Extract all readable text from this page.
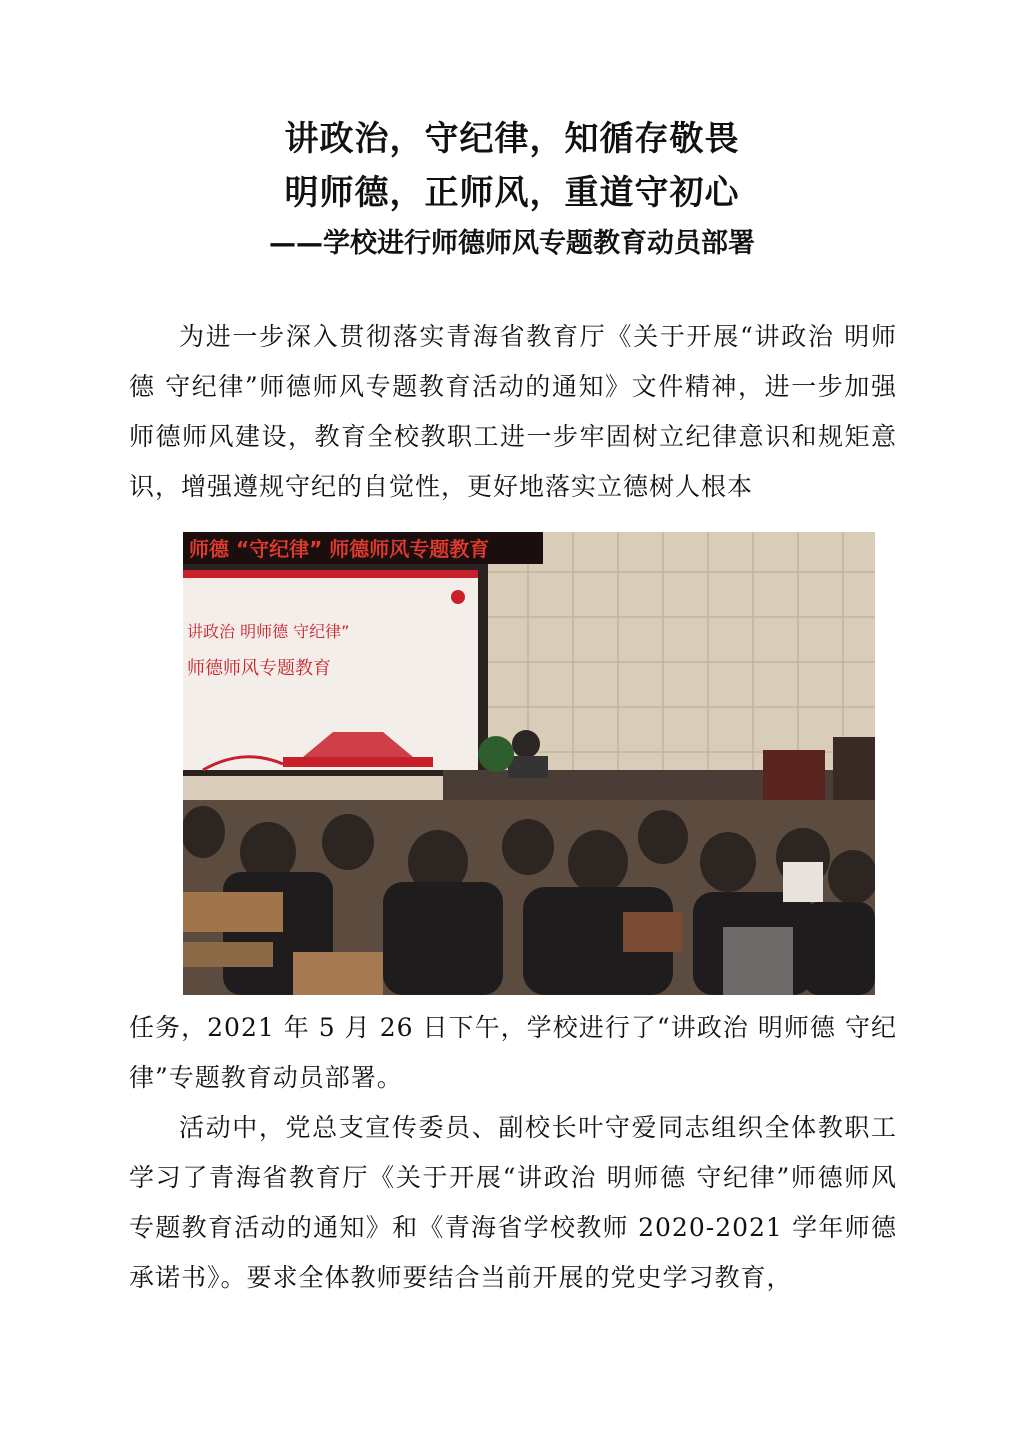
讲政治，守纪律，知循存敬畏
明师德，正师风，重道守初心
——学校进行师德师风专题教育动员部署

为进一步深入贯彻落实青海省教育厅《关于开展“讲政治 明师德 守纪律”师德师风专题教育活动的通知》文件精神，进一步加强师德师风建设，教育全校教职工进一步牢固树立纪律意识和规矩意识，增强遵规守纪的自觉性，更好地落实立德树人根本

师德 “守纪律” 师德师风专题教育
讲政治 明师德 守纪律”
师德师风专题教育

任务，2021 年 5 月 26 日下午，学校进行了“讲政治 明师德 守纪律”专题教育动员部署。

活动中，党总支宣传委员、副校长叶守爱同志组织全体教职工学习了青海省教育厅《关于开展“讲政治 明师德 守纪律”师德师风专题教育活动的通知》和《青海省学校教师 2020-2021 学年师德承诺书》。要求全体教师要结合当前开展的党史学习教育，
